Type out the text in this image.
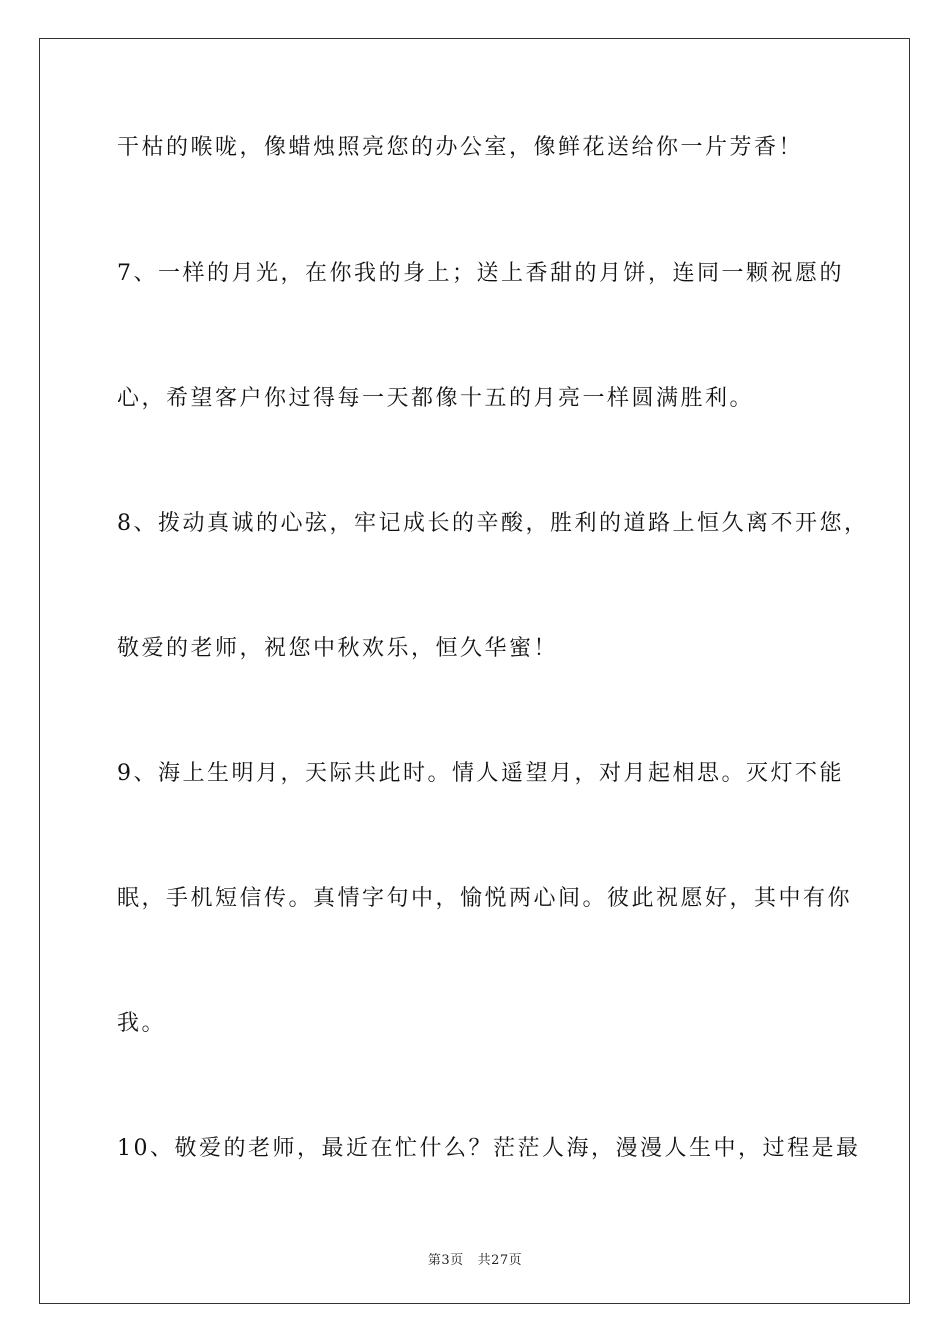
干枯的喉咙，像蜡烛照亮您的办公室，像鲜花送给你一片芳香！
7、一样的月光，在你我的身上；送上香甜的月饼，连同一颗祝愿的
心，希望客户你过得每一天都像十五的月亮一样圆满胜利。
8、拨动真诚的心弦，牢记成长的辛酸，胜利的道路上恒久离不开您，
敬爱的老师，祝您中秋欢乐，恒久华蜜！
9、海上生明月，天际共此时。情人遥望月，对月起相思。灭灯不能
眠，手机短信传。真情字句中，愉悦两心间。彼此祝愿好，其中有你
我。
10、敬爱的老师，最近在忙什么？茫茫人海，漫漫人生中，过程是最
第3页 共27页
